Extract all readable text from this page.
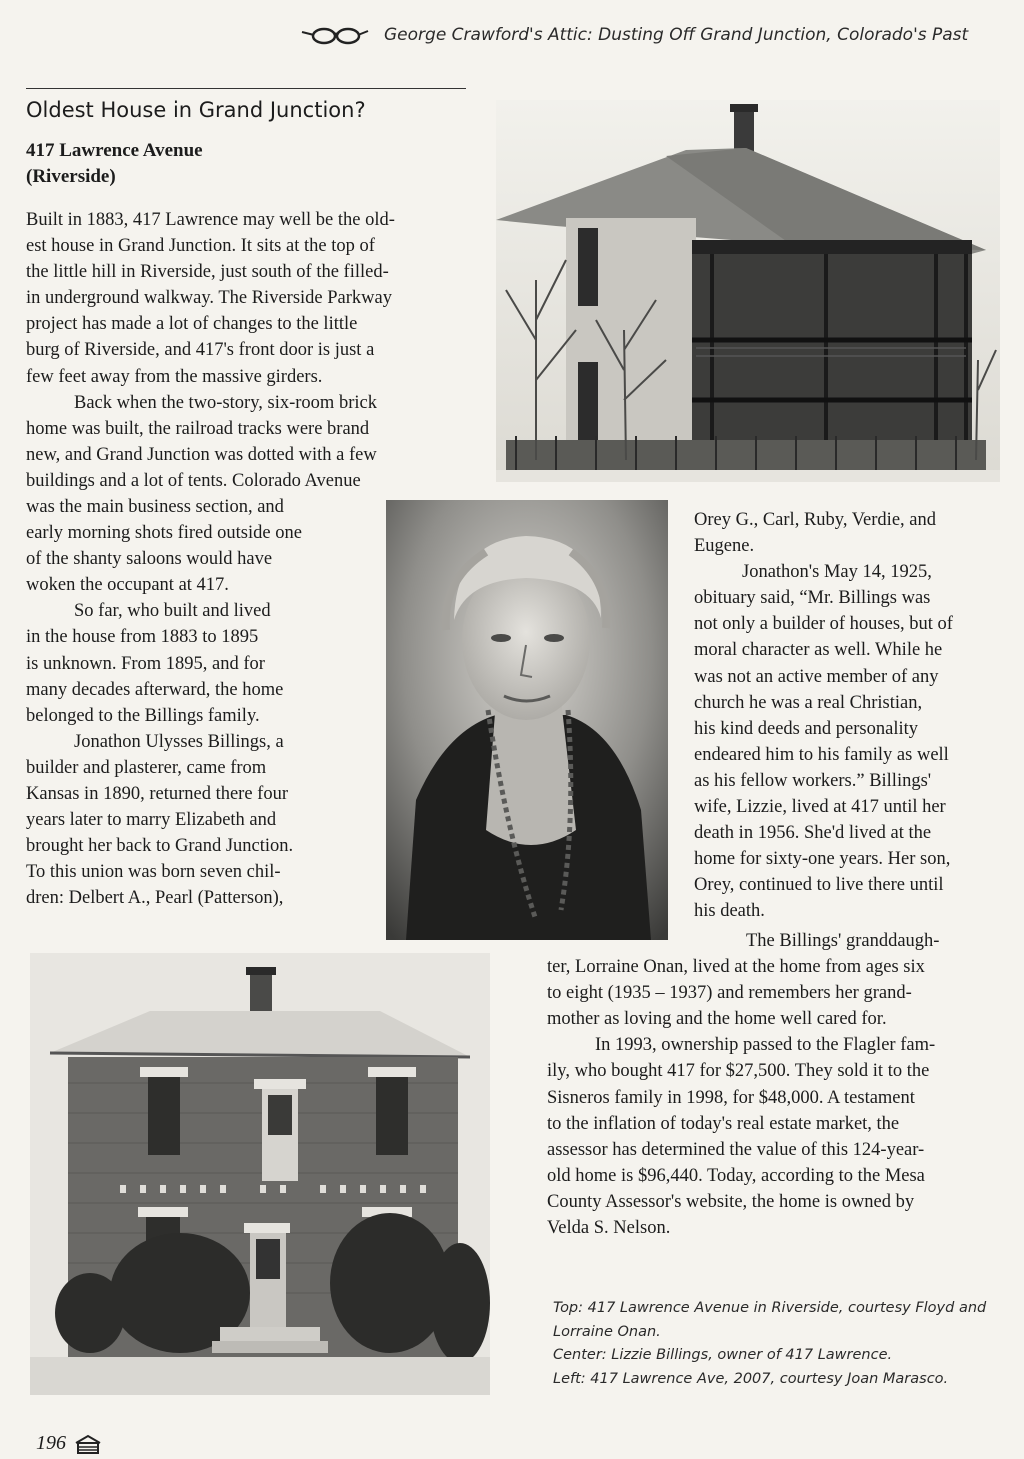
George Crawford's Attic: Dusting Off Grand Junction, Colorado's Past
Oldest House in Grand Junction?
417 Lawrence Avenue
(Riverside)
Built in 1883, 417 Lawrence may well be the old-
est house in Grand Junction. It sits at the top of
the little hill in Riverside, just south of the filled-
in underground walkway. The Riverside Parkway
project has made a lot of changes to the little
burg of Riverside, and 417's front door is just a
few feet away from the massive girders.
Back when the two-story, six-room brick
home was built, the railroad tracks were brand
new, and Grand Junction was dotted with a few
buildings and a lot of tents. Colorado Avenue
was the main business section, and
early morning shots fired outside one
of the shanty saloons would have
woken the occupant at 417.
So far, who built and lived
in the house from 1883 to 1895
is unknown. From 1895, and for
many decades afterward, the home
belonged to the Billings family.
Jonathon Ulysses Billings, a
builder and plasterer, came from
Kansas in 1890, returned there four
years later to marry Elizabeth and
brought her back to Grand Junction.
To this union was born seven chil-
dren: Delbert A., Pearl (Patterson),
Orey G., Carl, Ruby, Verdie, and
Eugene.
Jonathon's May 14, 1925,
obituary said, “Mr. Billings was
not only a builder of houses, but of
moral character as well. While he
was not an active member of any
church he was a real Christian,
his kind deeds and personality
endeared him to his family as well
as his fellow workers.” Billings'
wife, Lizzie, lived at 417 until her
death in 1956. She'd lived at the
home for sixty-one years. Her son,
Orey, continued to live there until
his death.
The Billings' granddaugh-
ter, Lorraine Onan, lived at the home from ages six
to eight (1935 – 1937) and remembers her grand-
mother as loving and the home well cared for.
In 1993, ownership passed to the Flagler fam-
ily, who bought 417 for $27,500. They sold it to the
Sisneros family in 1998, for $48,000. A testament
to the inflation of today's real estate market, the
assessor has determined the value of this 124-year-
old home is $96,440. Today, according to the Mesa
County Assessor's website, the home is owned by
Velda S. Nelson.
Top: 417 Lawrence Avenue in Riverside, courtesy Floyd and
Lorraine Onan.
Center: Lizzie Billings, owner of 417 Lawrence.
Left: 417 Lawrence Ave, 2007, courtesy Joan Marasco.
196
